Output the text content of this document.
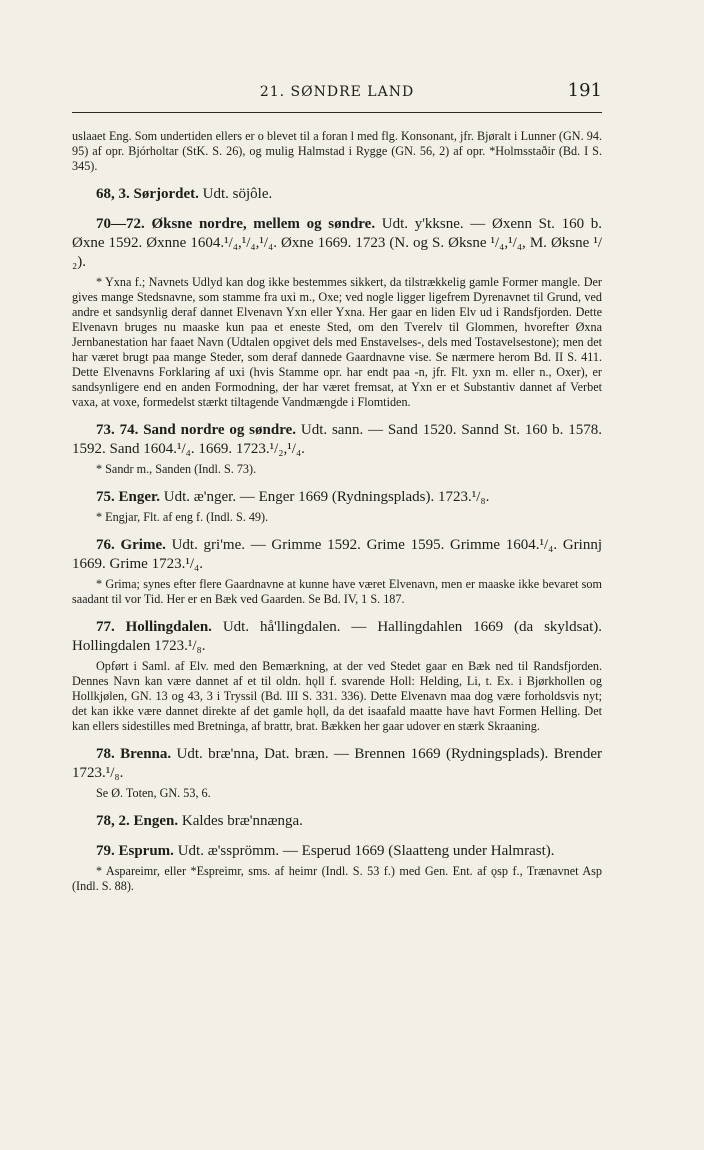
21. SØNDRE LAND	191

uslaaet Eng. Som undertiden ellers er o blevet til a foran l med flg. Konsonant, jfr. Bjøralt i Lunner (GN. 94. 95) af opr. Bjórholtar (StK. S. 26), og mulig Halmstad i Rygge (GN. 56, 2) af opr. *Holmsstaðir (Bd. I S. 345).

68, 3. Sørjordet. Udt. söjôle.

70—72. Øksne nordre, mellem og søndre. Udt. y'kksne. — Øxenn St. 160 b. Øxne 1592. Øxnne 1604.¹/₄,¹/₄,¹/₄. Øxne 1669. 1723 (N. og S. Øksne ¹/₄,¹/₄, M. Øksne ¹/₂).

* Yxna f.; Navnets Udlyd kan dog ikke bestemmes sikkert, da tilstrækkelig gamle Former mangle. Der gives mange Stedsnavne, som stamme fra uxi m., Oxe; ved nogle ligger ligefrem Dyrenavnet til Grund, ved andre et sandsynlig deraf dannet Elvenavn Yxn eller Yxna. Her gaar en liden Elv ud i Randsfjorden. Dette Elvenavn bruges nu maaske kun paa et eneste Sted, om den Tverelv til Glommen, hvorefter Øxna Jernbanestation har faaet Navn (Udtalen opgivet dels med Enstavelses-, dels med Tostavelsestone); men det har været brugt paa mange Steder, som deraf dannede Gaardnavne vise. Se nærmere herom Bd. II S. 411. Dette Elvenavns Forklaring af uxi (hvis Stamme opr. har endt paa -n, jfr. Flt. yxn m. eller n., Oxer), er sandsynligere end en anden Formodning, der har været fremsat, at Yxn er et Substantiv dannet af Verbet vaxa, at voxe, formedelst stærkt tiltagende Vandmængde i Flomtiden.

73. 74. Sand nordre og søndre. Udt. sann. — Sand 1520. Sannd St. 160 b. 1578. 1592. Sand 1604.¹/₄. 1669. 1723.¹/₂,¹/₄.

* Sandr m., Sanden (Indl. S. 73).

75. Enger. Udt. æ'nger. — Enger 1669 (Rydningsplads). 1723.¹/₈.

* Engjar, Flt. af eng f. (Indl. S. 49).

76. Grime. Udt. gri'me. — Grimme 1592. Grime 1595. Grimme 1604.¹/₄. Grinnj 1669. Grime 1723.¹/₄.

* Grima; synes efter flere Gaardnavne at kunne have været Elvenavn, men er maaske ikke bevaret som saadant til vor Tid. Her er en Bæk ved Gaarden. Se Bd. IV, 1 S. 187.

77. Hollingdalen. Udt. hå'llingdalen. — Hallingdahlen 1669 (da skyldsat). Hollingdalen 1723.¹/₈.

Opført i Saml. af Elv. med den Bemærkning, at der ved Stedet gaar en Bæk ned til Randsfjorden. Dennes Navn kan være dannet af et til oldn. hǫll f. svarende Holl: Helding, Li, t. Ex. i Bjørkhollen og Hollkjølen, GN. 13 og 43, 3 i Tryssil (Bd. III S. 331. 336). Dette Elvenavn maa dog være forholdsvis nyt; det kan ikke være dannet direkte af det gamle hǫll, da det isaafald maatte have havt Formen Helling. Det kan ellers sidestilles med Bretninga, af brattr, brat. Bækken her gaar udover en stærk Skraaning.

78. Brenna. Udt. bræ'nna, Dat. bræn. — Brennen 1669 (Rydningsplads). Brender 1723.¹/₈.

Se Ø. Toten, GN. 53, 6.

78, 2. Engen. Kaldes bræ'nnænga.

79. Esprum. Udt. æ'ssprömm. — Esperud 1669 (Slaatteng under Halmrast).

* Aspareimr, eller *Espreimr, sms. af heimr (Indl. S. 53 f.) med Gen. Ent. af ǫsp f., Trænavnet Asp (Indl. S. 88).
